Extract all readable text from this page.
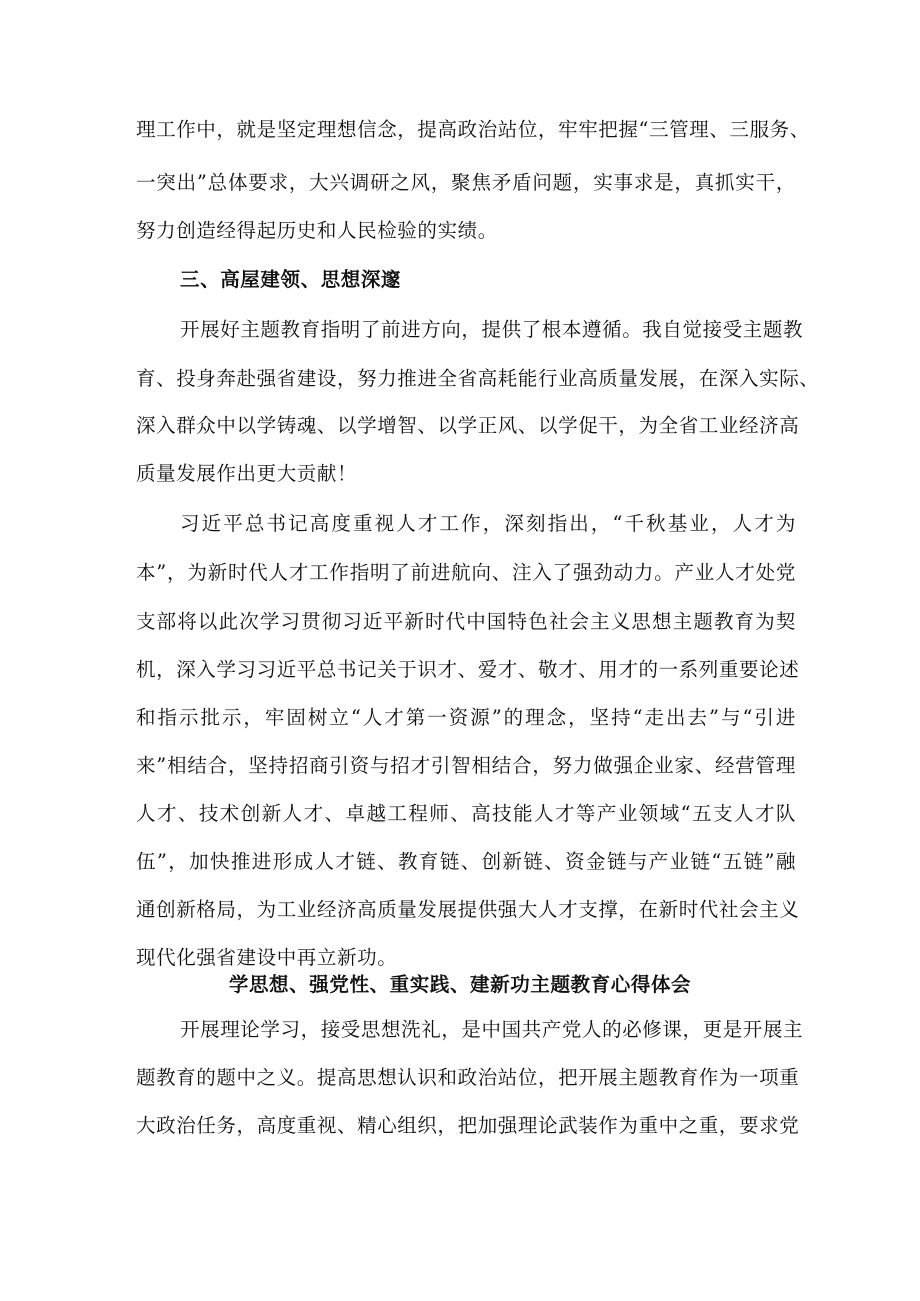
理工作中，就是坚定理想信念，提高政治站位，牢牢把握“三管理、三服务、
一突出”总体要求，大兴调研之风，聚焦矛盾问题，实事求是，真抓实干，
努力创造经得起历史和人民检验的实绩。
三、高屋建领、思想深邃
开展好主题教育指明了前进方向，提供了根本遵循。我自觉接受主题教
育、投身奔赴强省建设，努力推进全省高耗能行业高质量发展，在深入实际、
深入群众中以学铸魂、以学增智、以学正风、以学促干，为全省工业经济高
质量发展作出更大贡献！
习近平总书记高度重视人才工作，深刻指出，“千秋基业，人才为
本”，为新时代人才工作指明了前进航向、注入了强劲动力。产业人才处党
支部将以此次学习贯彻习近平新时代中国特色社会主义思想主题教育为契
机，深入学习习近平总书记关于识才、爱才、敬才、用才的一系列重要论述
和指示批示，牢固树立“人才第一资源”的理念，坚持“走出去”与“引进
来”相结合，坚持招商引资与招才引智相结合，努力做强企业家、经营管理
人才、技术创新人才、卓越工程师、高技能人才等产业领域“五支人才队
伍”，加快推进形成人才链、教育链、创新链、资金链与产业链“五链”融
通创新格局，为工业经济高质量发展提供强大人才支撑，在新时代社会主义
现代化强省建设中再立新功。
学思想、强党性、重实践、建新功主题教育心得体会
开展理论学习，接受思想洗礼，是中国共产党人的必修课，更是开展主
题教育的题中之义。提高思想认识和政治站位，把开展主题教育作为一项重
大政治任务，高度重视、精心组织，把加强理论武装作为重中之重，要求党
